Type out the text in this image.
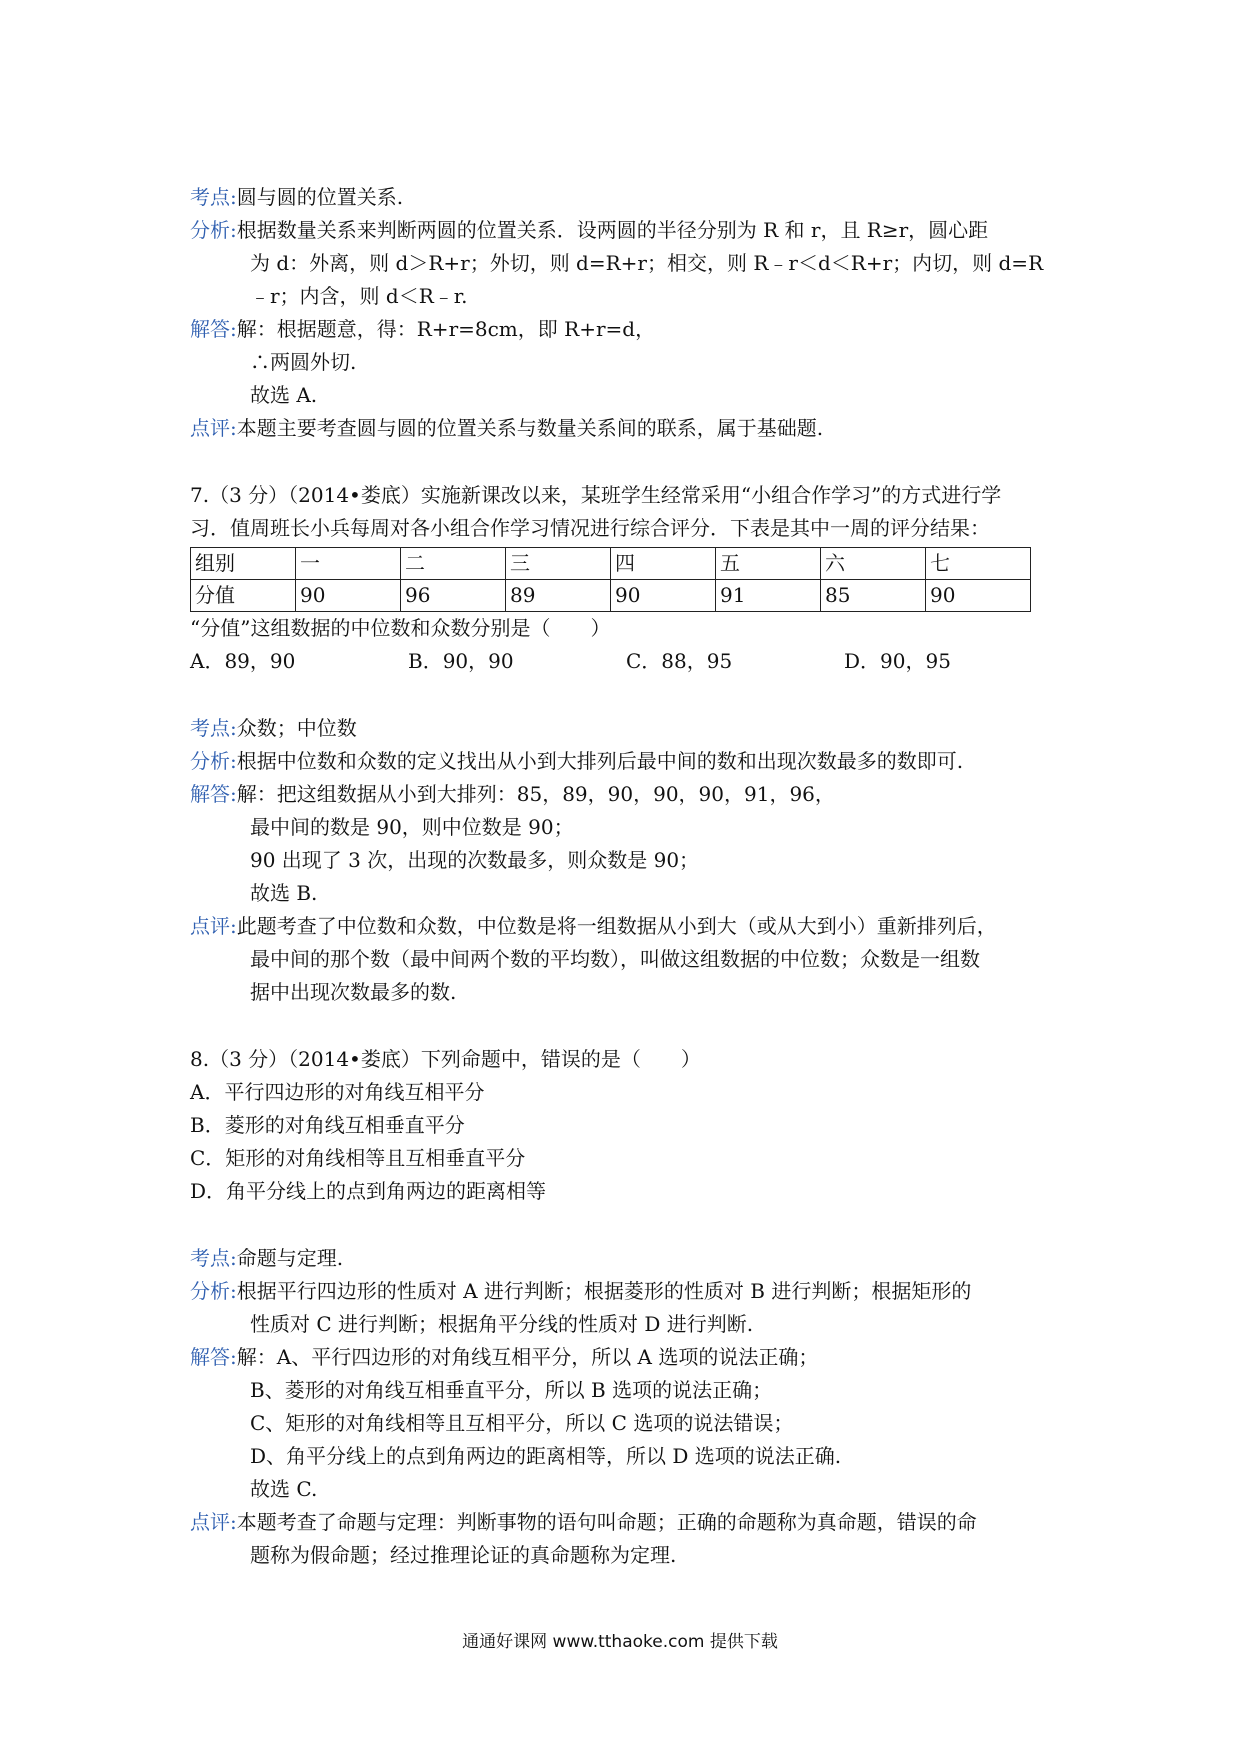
考点:圆与圆的位置关系.
分析:根据数量关系来判断两圆的位置关系．设两圆的半径分别为 R 和 r，且 R≥r，圆心距
为 d：外离，则 d＞R+r；外切，则 d=R+r；相交，则 R﹣r＜d＜R+r；内切，则 d=R
﹣r；内含，则 d＜R﹣r.
解答:解：根据题意，得：R+r=8cm，即 R+r=d，
∴两圆外切.
故选 A.
点评:本题主要考查圆与圆的位置关系与数量关系间的联系，属于基础题.
7.（3 分）（2014•娄底）实施新课改以来，某班学生经常采用“小组合作学习”的方式进行学
习．值周班长小兵每周对各小组合作学习情况进行综合评分．下表是其中一周的评分结果：
组别	一	二	三	四	五	六	七
分值	90	96	89	90	91	85	90
“分值”这组数据的中位数和众数分别是（　　）
A．89，90	B．90，90	C．88，95	D．90，95
考点:众数；中位数
分析:根据中位数和众数的定义找出从小到大排列后最中间的数和出现次数最多的数即可.
解答:解：把这组数据从小到大排列：85，89，90，90，90，91，96，
最中间的数是 90，则中位数是 90；
90 出现了 3 次，出现的次数最多，则众数是 90；
故选 B.
点评:此题考查了中位数和众数，中位数是将一组数据从小到大（或从大到小）重新排列后，
最中间的那个数（最中间两个数的平均数），叫做这组数据的中位数；众数是一组数
据中出现次数最多的数.
8.（3 分）（2014•娄底）下列命题中，错误的是（　　）
A．平行四边形的对角线互相平分
B．菱形的对角线互相垂直平分
C．矩形的对角线相等且互相垂直平分
D．角平分线上的点到角两边的距离相等
考点:命题与定理.
分析:根据平行四边形的性质对 A 进行判断；根据菱形的性质对 B 进行判断；根据矩形的
性质对 C 进行判断；根据角平分线的性质对 D 进行判断.
解答:解：A、平行四边形的对角线互相平分，所以 A 选项的说法正确；
B、菱形的对角线互相垂直平分，所以 B 选项的说法正确；
C、矩形的对角线相等且互相平分，所以 C 选项的说法错误；
D、角平分线上的点到角两边的距离相等，所以 D 选项的说法正确.
故选 C.
点评:本题考查了命题与定理：判断事物的语句叫命题；正确的命题称为真命题，错误的命
题称为假命题；经过推理论证的真命题称为定理.
通通好课网 www.tthaoke.com 提供下载
